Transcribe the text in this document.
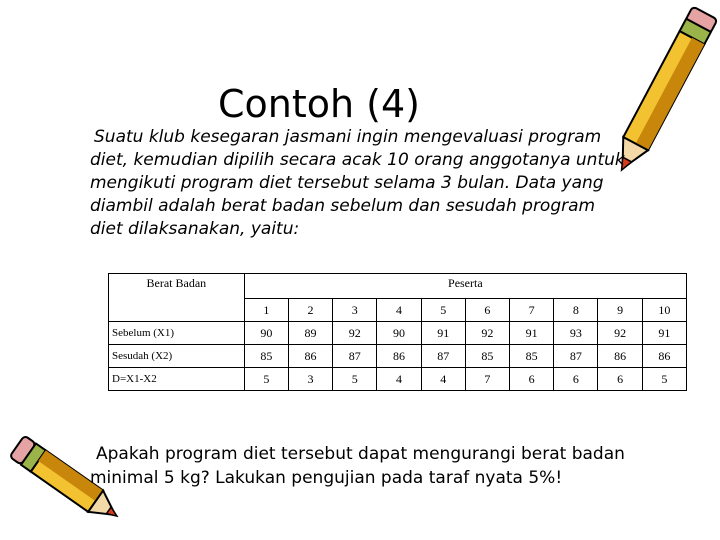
Contoh (4)
Suatu klub kesegaran jasmani ingin mengevaluasi program
diet, kemudian dipilih secara acak 10 orang anggotanya untuk
mengikuti program diet tersebut selama 3 bulan. Data yang
diambil adalah berat badan sebelum dan sesudah program
diet dilaksanakan, yaitu:
Berat Badan	Peserta									
	1	2	3	4	5	6	7	8	9	10
Sebelum (X1)	90	89	92	90	91	92	91	93	92	91
Sesudah (X2)	85	86	87	86	87	85	85	87	86	86
D=X1-X2	5	3	5	4	4	7	6	6	6	5
Apakah program diet tersebut dapat mengurangi berat badan
minimal 5 kg? Lakukan pengujian pada taraf nyata 5%!
